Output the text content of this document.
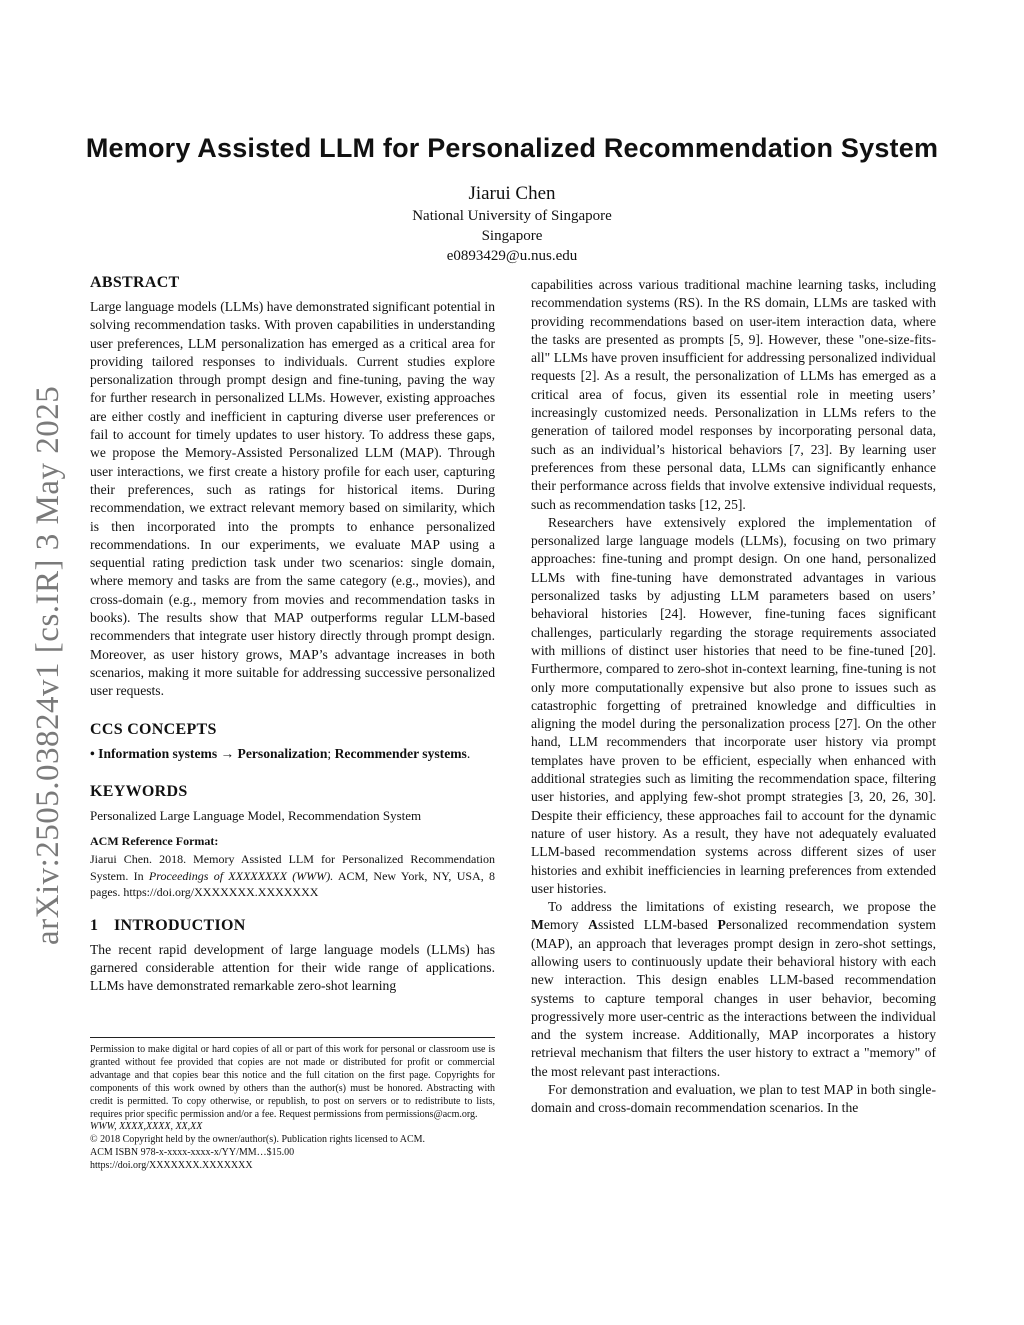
arXiv:2505.03824v1 [cs.IR] 3 May 2025
Memory Assisted LLM for Personalized Recommendation System
Jiarui Chen
National University of Singapore
Singapore
e0893429@u.nus.edu
ABSTRACT

Large language models (LLMs) have demonstrated significant potential in solving recommendation tasks. With proven capabilities in understanding user preferences, LLM personalization has emerged as a critical area for providing tailored responses to individuals. Current studies explore personalization through prompt design and fine-tuning, paving the way for further research in personalized LLMs. However, existing approaches are either costly and inefficient in capturing diverse user preferences or fail to account for timely updates to user history. To address these gaps, we propose the Memory-Assisted Personalized LLM (MAP). Through user interactions, we first create a history profile for each user, capturing their preferences, such as ratings for historical items. During recommendation, we extract relevant memory based on similarity, which is then incorporated into the prompts to enhance personalized recommendations. In our experiments, we evaluate MAP using a sequential rating prediction task under two scenarios: single domain, where memory and tasks are from the same category (e.g., movies), and cross-domain (e.g., memory from movies and recommendation tasks in books). The results show that MAP outperforms regular LLM-based recommenders that integrate user history directly through prompt design. Moreover, as user history grows, MAP’s advantage increases in both scenarios, making it more suitable for addressing successive personalized user requests.

CCS CONCEPTS

• Information systems → Personalization; Recommender systems.

KEYWORDS

Personalized Large Language Model, Recommendation System

ACM Reference Format:

Jiarui Chen. 2018. Memory Assisted LLM for Personalized Recommendation System. In Proceedings of XXXXXXXX (WWW). ACM, New York, NY, USA, 8 pages. https://doi.org/XXXXXXX.XXXXXXX

1 INTRODUCTION

The recent rapid development of large language models (LLMs) has garnered considerable attention for their wide range of applications. LLMs have demonstrated remarkable zero-shot learning

Permission to make digital or hard copies of all or part of this work for personal or classroom use is granted without fee provided that copies are not made or distributed for profit or commercial advantage and that copies bear this notice and the full citation on the first page. Copyrights for components of this work owned by others than the author(s) must be honored. Abstracting with credit is permitted. To copy otherwise, or republish, to post on servers or to redistribute to lists, requires prior specific permission and/or a fee. Request permissions from permissions@acm.org.

WWW, XXXX,XXXX, XX,XX

© 2018 Copyright held by the owner/author(s). Publication rights licensed to ACM.

ACM ISBN 978-x-xxxx-xxxx-x/YY/MM…$15.00

https://doi.org/XXXXXXX.XXXXXXX

capabilities across various traditional machine learning tasks, including recommendation systems (RS). In the RS domain, LLMs are tasked with providing recommendations based on user-item interaction data, where the tasks are presented as prompts [5, 9]. However, these "one-size-fits-all" LLMs have proven insufficient for addressing personalized individual requests [2]. As a result, the personalization of LLMs has emerged as a critical area of focus, given its essential role in meeting users’ increasingly customized needs. Personalization in LLMs refers to the generation of tailored model responses by incorporating personal data, such as an individual’s historical behaviors [7, 23]. By learning user preferences from these personal data, LLMs can significantly enhance their performance across fields that involve extensive individual requests, such as recommendation tasks [12, 25].

Researchers have extensively explored the implementation of personalized large language models (LLMs), focusing on two primary approaches: fine-tuning and prompt design. On one hand, personalized LLMs with fine-tuning have demonstrated advantages in various personalized tasks by adjusting LLM parameters based on users’ behavioral histories [24]. However, fine-tuning faces significant challenges, particularly regarding the storage requirements associated with millions of distinct user histories that need to be fine-tuned [20]. Furthermore, compared to zero-shot in-context learning, fine-tuning is not only more computationally expensive but also prone to issues such as catastrophic forgetting of pretrained knowledge and difficulties in aligning the model during the personalization process [27]. On the other hand, LLM recommenders that incorporate user history via prompt templates have proven to be efficient, especially when enhanced with additional strategies such as limiting the recommendation space, filtering user histories, and applying few-shot prompt strategies [3, 20, 26, 30]. Despite their efficiency, these approaches fail to account for the dynamic nature of user history. As a result, they have not adequately evaluated LLM-based recommendation systems across different sizes of user histories and exhibit inefficiencies in learning preferences from extended user histories.

To address the limitations of existing research, we propose the Memory Assisted LLM-based Personalized recommendation system (MAP), an approach that leverages prompt design in zero-shot settings, allowing users to continuously update their behavioral history with each new interaction. This design enables LLM-based recommendation systems to capture temporal changes in user behavior, becoming progressively more user-centric as the interactions between the individual and the system increase. Additionally, MAP incorporates a history retrieval mechanism that filters the user history to extract a "memory" of the most relevant past interactions.

For demonstration and evaluation, we plan to test MAP in both single-domain and cross-domain recommendation scenarios. In the
